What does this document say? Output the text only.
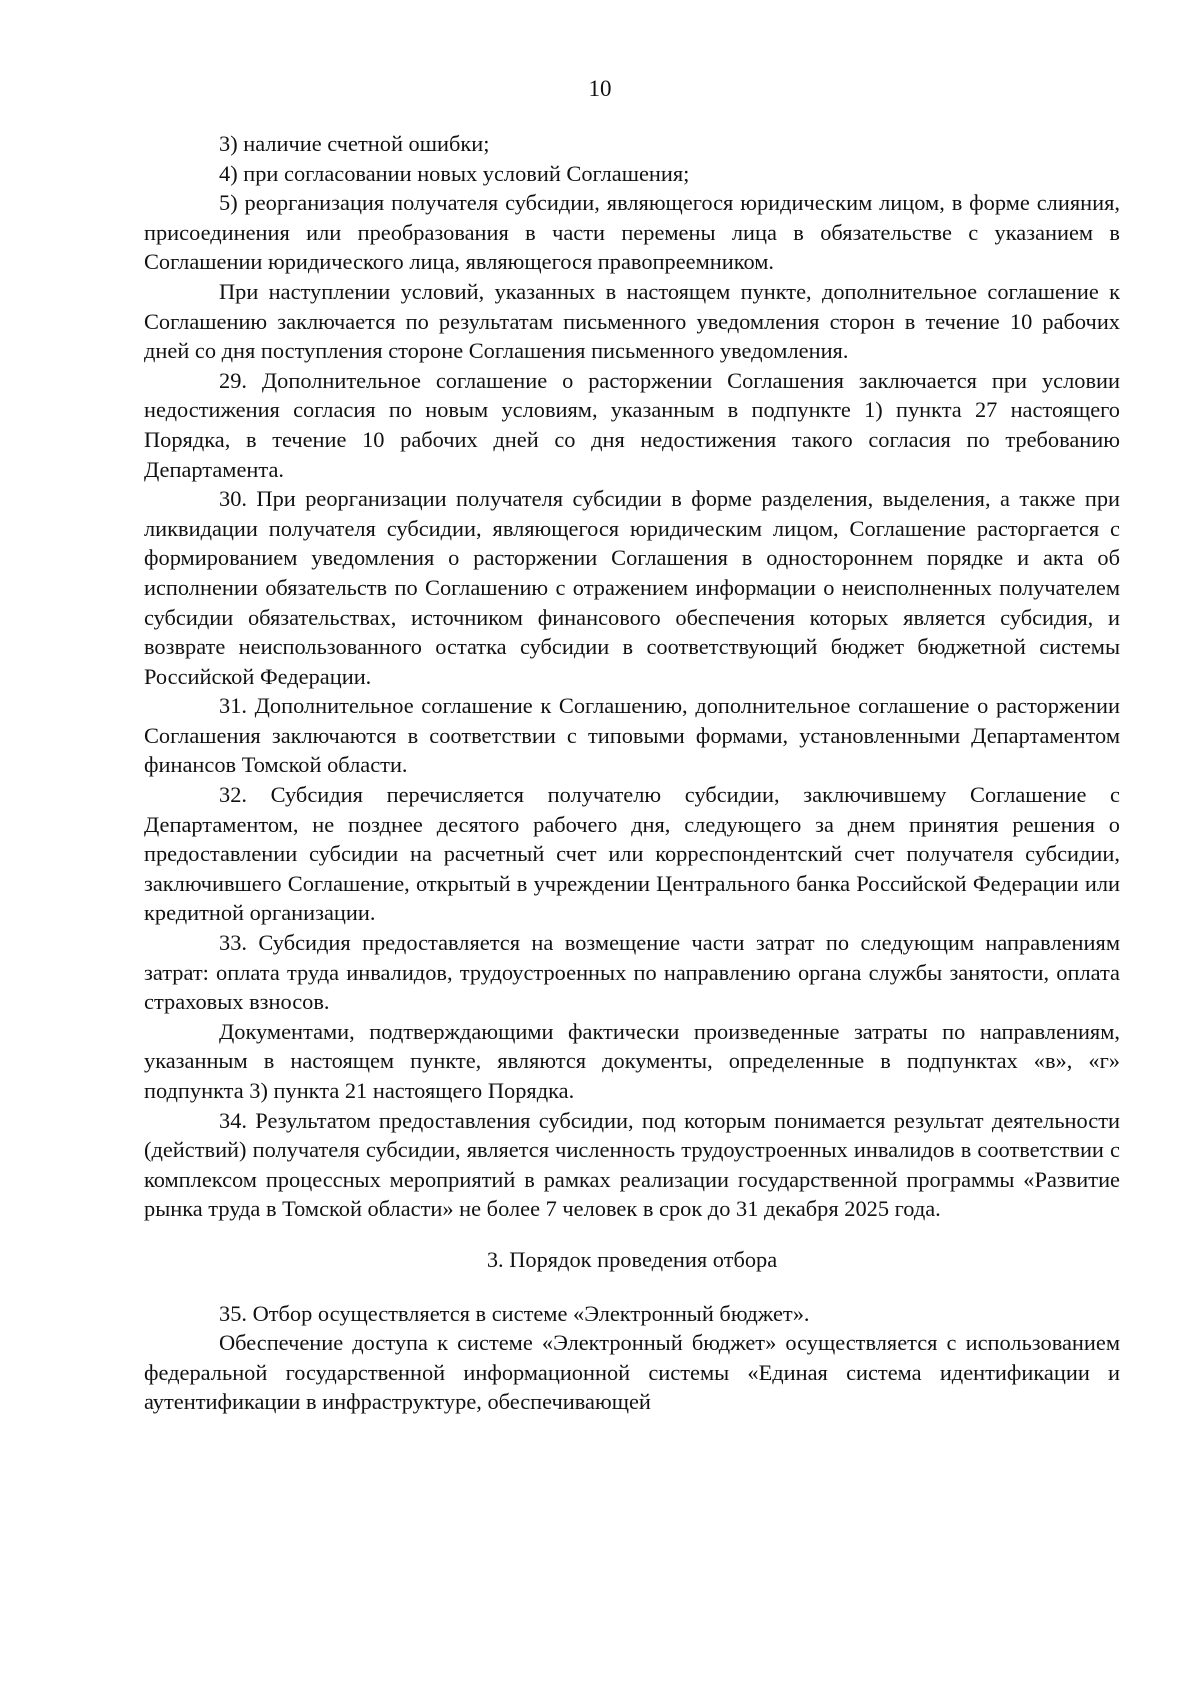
10

3) наличие счетной ошибки;

4) при согласовании новых условий Соглашения;

5) реорганизация получателя субсидии, являющегося юридическим лицом, в форме слияния, присоединения или преобразования в части перемены лица в обязательстве с указанием в Соглашении юридического лица, являющегося правопреемником.

При наступлении условий, указанных в настоящем пункте, дополнительное соглашение к Соглашению заключается по результатам письменного уведомления сторон в течение 10 рабочих дней со дня поступления стороне Соглашения письменного уведомления.

29. Дополнительное соглашение о расторжении Соглашения заключается при условии недостижения согласия по новым условиям, указанным в подпункте 1) пункта 27 настоящего Порядка, в течение 10 рабочих дней со дня недостижения такого согласия по требованию Департамента.

30. При реорганизации получателя субсидии в форме разделения, выделения, а также при ликвидации получателя субсидии, являющегося юридическим лицом, Соглашение расторгается с формированием уведомления о расторжении Соглашения в одностороннем порядке и акта об исполнении обязательств по Соглашению с отражением информации о неисполненных получателем субсидии обязательствах, источником финансового обеспечения которых является субсидия, и возврате неиспользованного остатка субсидии в соответствующий бюджет бюджетной системы Российской Федерации.

31. Дополнительное соглашение к Соглашению, дополнительное соглашение о расторжении Соглашения заключаются в соответствии с типовыми формами, установленными Департаментом финансов Томской области.

32. Субсидия перечисляется получателю субсидии, заключившему Соглашение с Департаментом, не позднее десятого рабочего дня, следующего за днем принятия решения о предоставлении субсидии на расчетный счет или корреспондентский счет получателя субсидии, заключившего Соглашение, открытый в учреждении Центрального банка Российской Федерации или кредитной организации.

33. Субсидия предоставляется на возмещение части затрат по следующим направлениям затрат: оплата труда инвалидов, трудоустроенных по направлению органа службы занятости, оплата страховых взносов.

Документами, подтверждающими фактически произведенные затраты по направлениям, указанным в настоящем пункте, являются документы, определенные в подпунктах «в», «г» подпункта 3) пункта 21 настоящего Порядка.

34. Результатом предоставления субсидии, под которым понимается результат деятельности (действий) получателя субсидии, является численность трудоустроенных инвалидов в соответствии с комплексом процессных мероприятий в рамках реализации государственной программы «Развитие рынка труда в Томской области» не более 7 человек в срок до 31 декабря 2025 года.

3. Порядок проведения отбора

35. Отбор осуществляется в системе «Электронный бюджет».

Обеспечение доступа к системе «Электронный бюджет» осуществляется с использованием федеральной государственной информационной системы «Единая система идентификации и аутентификации в инфраструктуре, обеспечивающей
